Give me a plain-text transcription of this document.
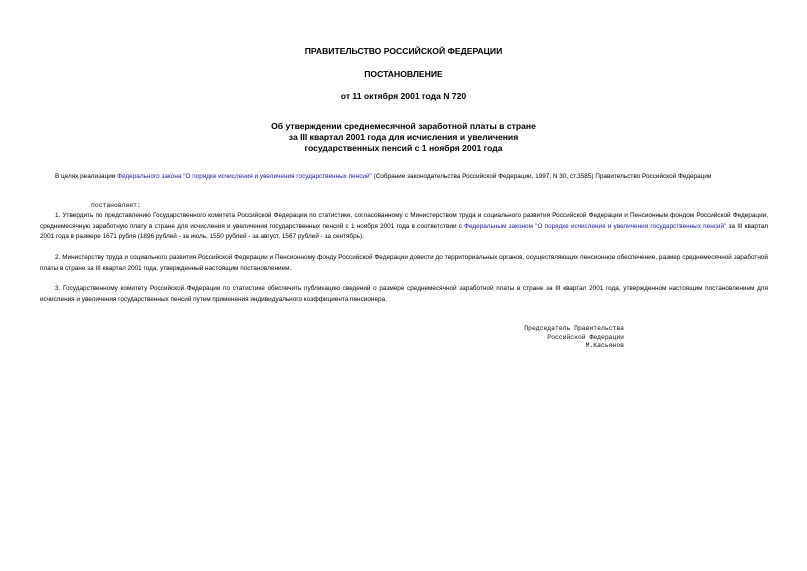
ПРАВИТЕЛЬСТВО РОССИЙСКОЙ ФЕДЕРАЦИИ
ПОСТАНОВЛЕНИЕ
от 11 октября 2001 года N 720
Об утверждении среднемесячной заработной платы в стране
за III квартал 2001 года для исчисления и увеличения
государственных пенсий с 1 ноября 2001 года

В целях реализации Федерального закона "О порядке исчисления и увеличения государственных пенсий" (Собрание законодательства Российской Федерации, 1997, N 30, ст.3585) Правительство Российской Федерации

постановляет:

1. Утвердить по представлению Государственного комитета Российской Федерации по статистике, согласованному с Министерством труда и социального развития Российской Федерации и Пенсионным фондом Российской Федерации, среднемесячную заработную плату в стране для исчисления и увеличения государственных пенсий с 1 ноября 2001 года в соответствии с Федеральным законом "О порядке исчисления и увеличения государственных пенсий" за III квартал 2001 года в размере 1671 рубля (1896 рублей - за июль, 1550 рублей - за август, 1567 рублей - за сентябрь).

2. Министерству труда и социального развития Российской Федерации и Пенсионному фонду Российской Федерации довести до территориальных органов, осуществляющих пенсионное обеспечение, размер среднемесячной заработной платы в стране за III квартал 2001 года, утвержденный настоящим постановлением.

3. Государственному комитету Российской Федерации по статистике обеспечить публикацию сведений о размере среднемесячной заработной платы в стране за III квартал 2001 года, утвержденном настоящим постановлением для исчисления и увеличения государственных пенсий путем применения индивидуального коэффициента пенсионера.

Председатель Правительства
Российской Федерации
М.Касьянов
